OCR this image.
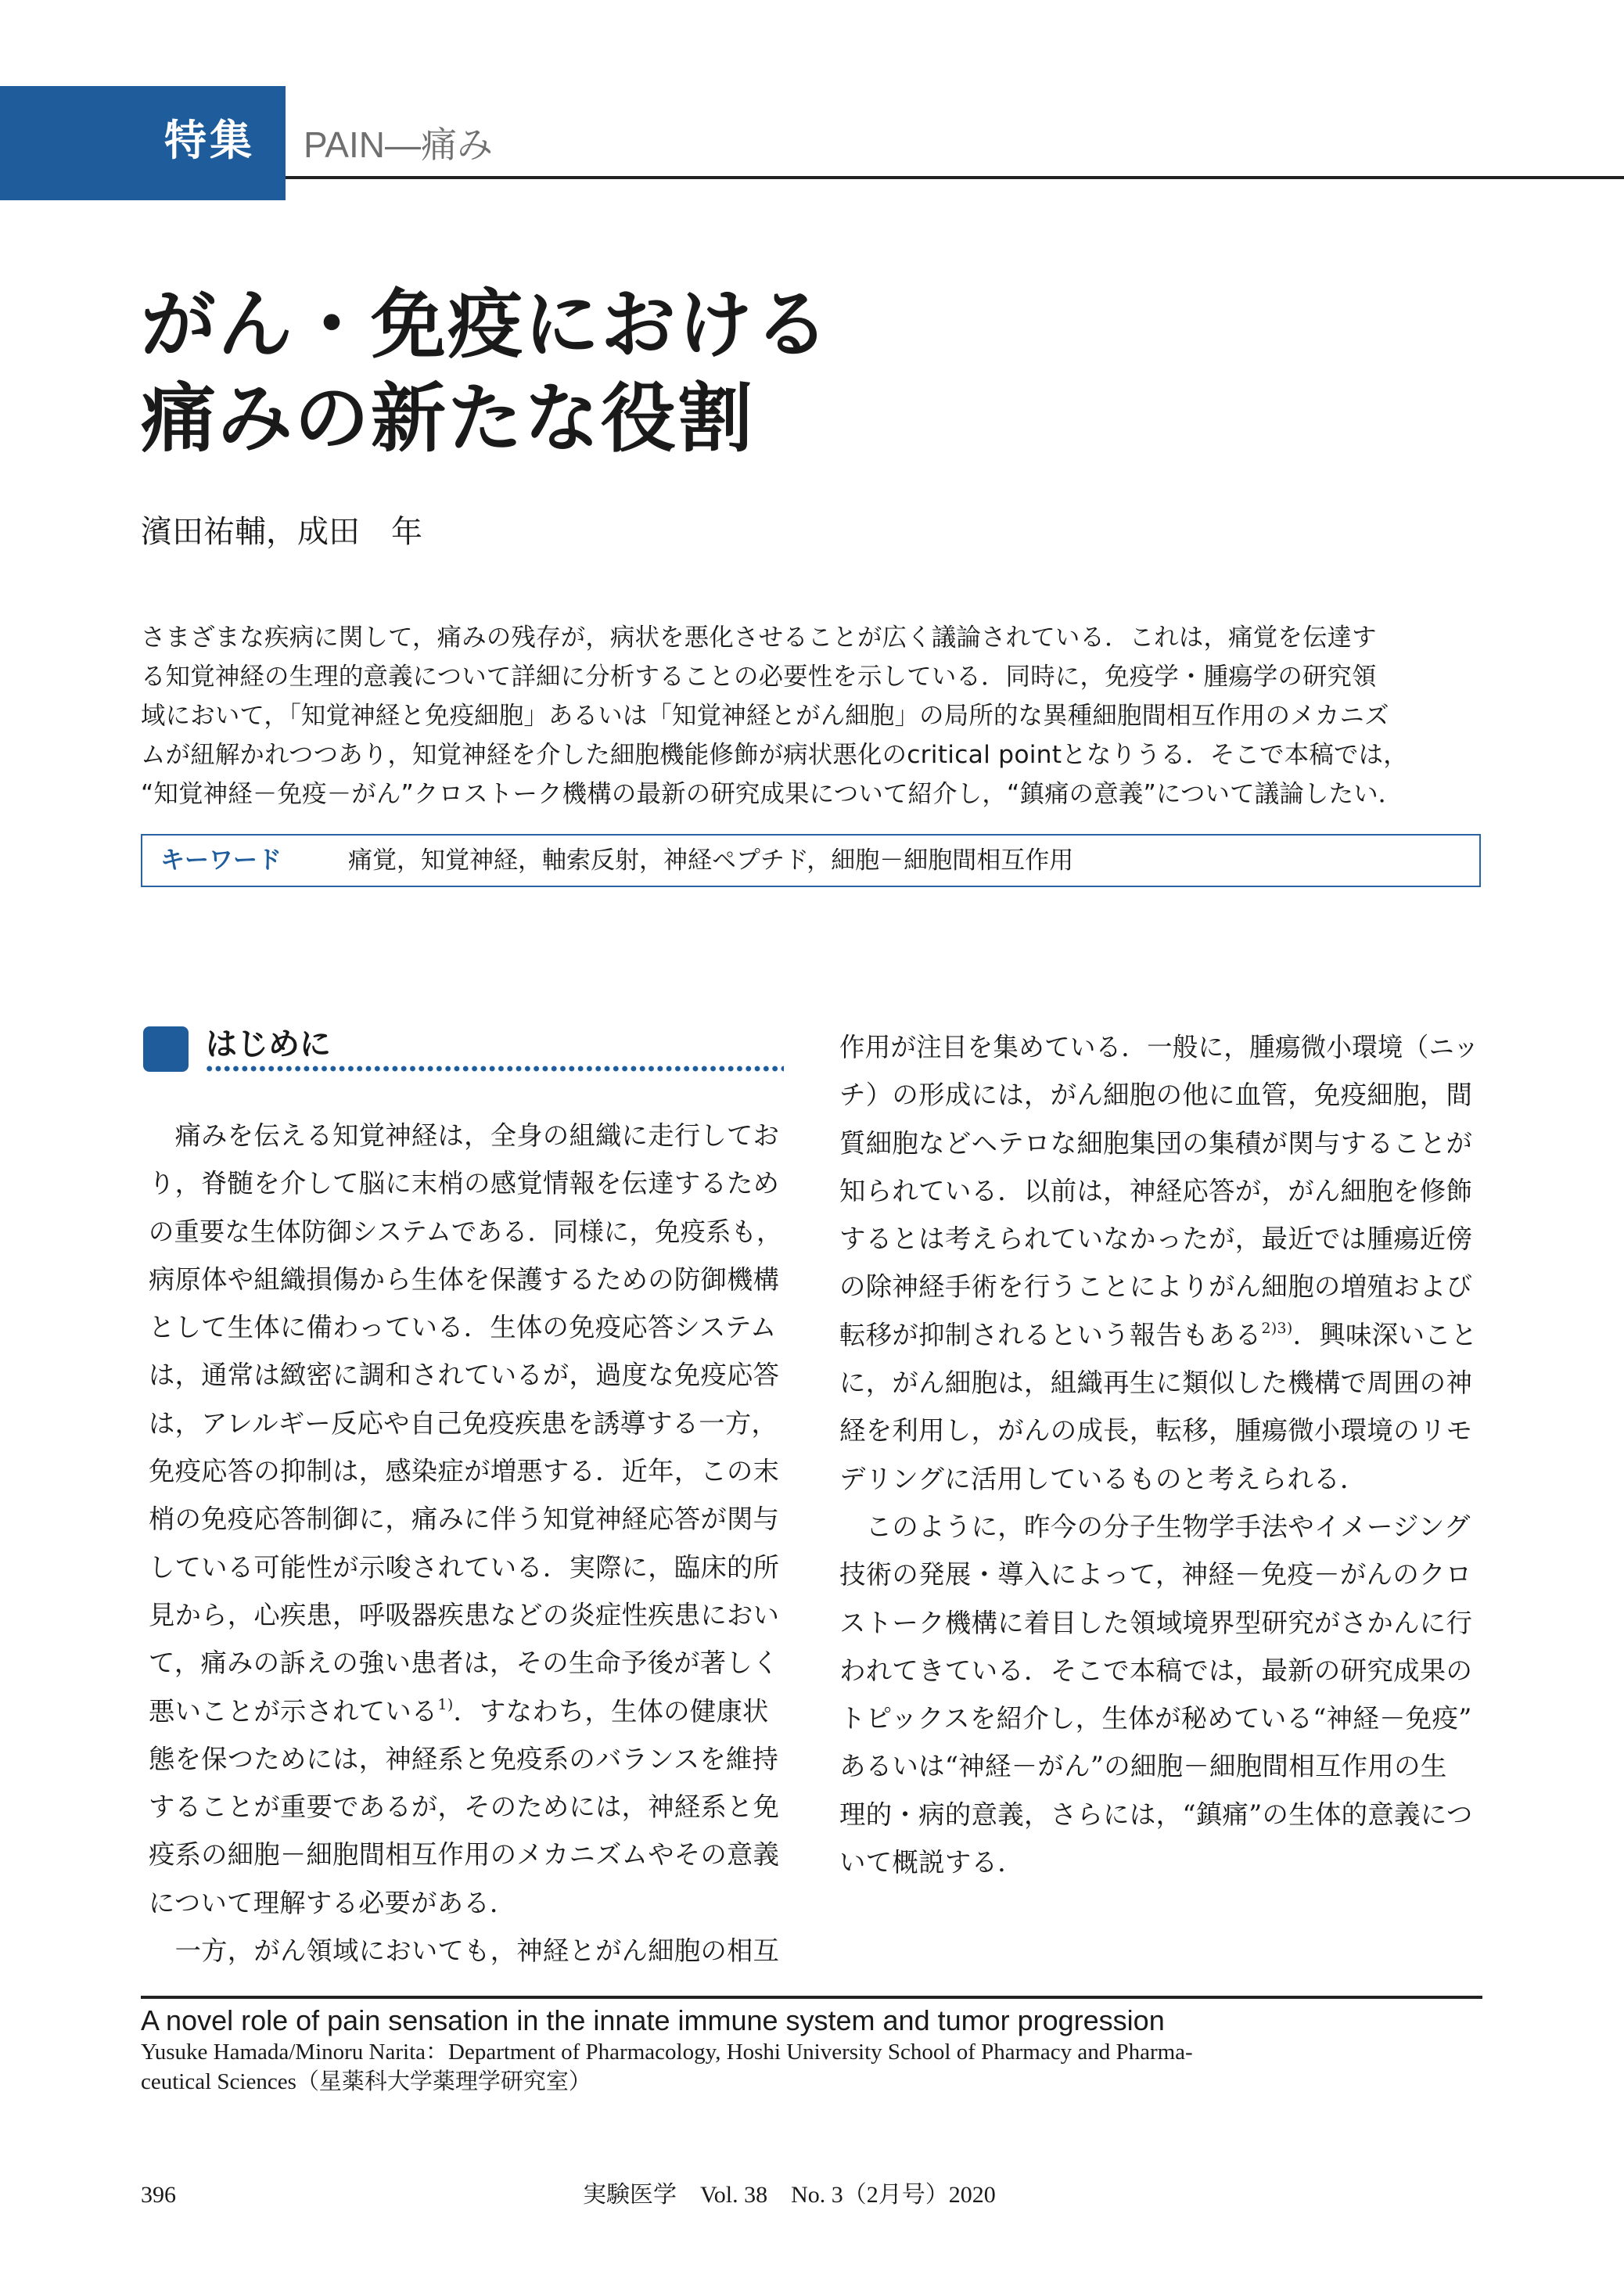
特集 PAIN—痛み
がん・免疫における
痛みの新たな役割
濱田祐輔，成田　年
さまざまな疾病に関して，痛みの残存が，病状を悪化させることが広く議論されている．これは，痛覚を伝達す
る知覚神経の生理的意義について詳細に分析することの必要性を示している．同時に，免疫学・腫瘍学の研究領
域において，「知覚神経と免疫細胞」あるいは「知覚神経とがん細胞」の局所的な異種細胞間相互作用のメカニズ
ムが紐解かれつつあり，知覚神経を介した細胞機能修飾が病状悪化のcritical pointとなりうる．そこで本稿では，
“知覚神経－免疫－がん”クロストーク機構の最新の研究成果について紹介し，“鎮痛の意義”について議論したい．
キーワード	痛覚，知覚神経，軸索反射，神経ペプチド，細胞－細胞間相互作用
はじめに
　痛みを伝える知覚神経は，全身の組織に走行してお
り，脊髄を介して脳に末梢の感覚情報を伝達するため
の重要な生体防御システムである．同様に，免疫系も，
病原体や組織損傷から生体を保護するための防御機構
として生体に備わっている．生体の免疫応答システム
は，通常は緻密に調和されているが，過度な免疫応答
は，アレルギー反応や自己免疫疾患を誘導する一方，
免疫応答の抑制は，感染症が増悪する．近年，この末
梢の免疫応答制御に，痛みに伴う知覚神経応答が関与
している可能性が示唆されている．実際に，臨床的所
見から，心疾患，呼吸器疾患などの炎症性疾患におい
て，痛みの訴えの強い患者は，その生命予後が著しく
悪いことが示されている$^{1)}$．すなわち，生体の健康状
態を保つためには，神経系と免疫系のバランスを維持
することが重要であるが，そのためには，神経系と免
疫系の細胞－細胞間相互作用のメカニズムやその意義
について理解する必要がある．
　一方，がん領域においても，神経とがん細胞の相互
作用が注目を集めている．一般に，腫瘍微小環境（ニッ
チ）の形成には，がん細胞の他に血管，免疫細胞，間
質細胞などヘテロな細胞集団の集積が関与することが
知られている．以前は，神経応答が，がん細胞を修飾
するとは考えられていなかったが，最近では腫瘍近傍
の除神経手術を行うことによりがん細胞の増殖および
転移が抑制されるという報告もある$^{2)3)}$．興味深いこと
に，がん細胞は，組織再生に類似した機構で周囲の神
経を利用し，がんの成長，転移，腫瘍微小環境のリモ
デリングに活用しているものと考えられる．
　このように，昨今の分子生物学手法やイメージング
技術の発展・導入によって，神経－免疫－がんのクロ
ストーク機構に着目した領域境界型研究がさかんに行
われてきている．そこで本稿では，最新の研究成果の
トピックスを紹介し，生体が秘めている“神経－免疫”
あるいは“神経－がん”の細胞－細胞間相互作用の生
理的・病的意義，さらには，“鎮痛”の生体的意義につ
いて概説する．
A novel role of pain sensation in the innate immune system and tumor progression
Yusuke Hamada/Minoru Narita：Department of Pharmacology, Hoshi University School of Pharmacy and Pharma-
ceutical Sciences（星薬科大学薬理学研究室）
396	実験医学　Vol. 38　No. 3（2月号）2020
